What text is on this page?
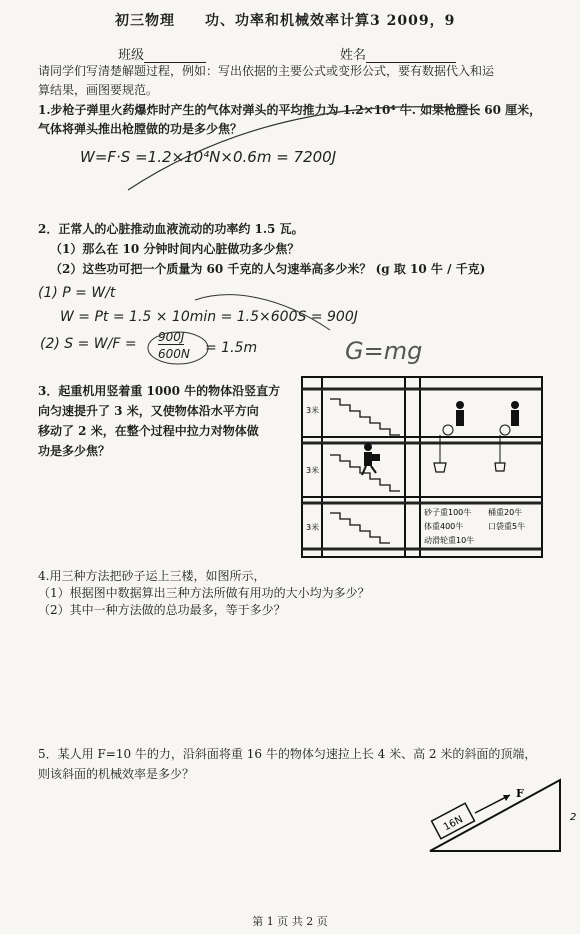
初三物理　　功、功率和机械效率计算3 2009，9
班级	姓名
请同学们写清楚解题过程，例如：写出依据的主要公式或变形公式，要有数据代入和运
算结果，画图要规范。
1.步枪子弹里火药爆炸时产生的气体对弹头的平均推力为 1.2×10⁴ 牛. 如果枪膛长 60 厘米，
气体将弹头推出枪膛做的功是多少焦？
W=F·S =1.2×10⁴N×0.6m = 7200J
2．正常人的心脏推动血液流动的功率约 1.5 瓦。
（1）那么在 10 分钟时间内心脏做功多少焦？
（2）这些功可把一个质量为 60 千克的人匀速举高多少米？ (g 取 10 牛 / 千克)
(1) P = W/t
W = Pt = 1.5 × 10min = 1.5×600S = 900J
(2) S = W/F = 900J
600N = 1.5m	G=mg
3．起重机用竖着重 1000 牛的物体沿竖直方
向匀速提升了 3 米，又使物体沿水平方向
移动了 2 米，在整个过程中拉力对物体做
功是多少焦？
3米
3米
3米
砂子重100牛 桶重20牛
体重400牛	口袋重5牛
动滑轮重10牛
4.用三种方法把砂子运上三楼，如图所示，
（1）根据图中数据算出三种方法所做有用功的大小均为多少？
（2）其中一种方法做的总功最多，等于多少？
5．某人用 F=10 牛的力，沿斜面将重 16 牛的物体匀速拉上长 4 米、高 2 米的斜面的顶端，
则该斜面的机械效率是多少？
16N
F
2
第 1 页 共 2 页
